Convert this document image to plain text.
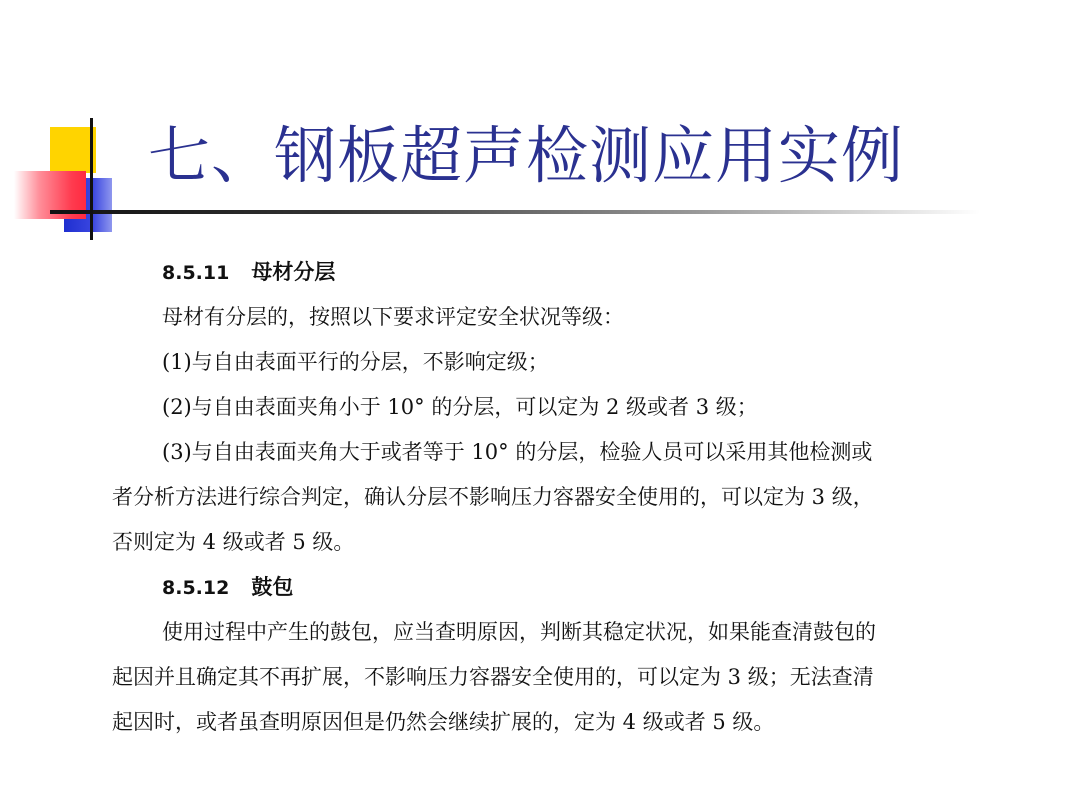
七、钢板超声检测应用实例
8.5.11 母材分层
母材有分层的，按照以下要求评定安全状况等级：
(1)与自由表面平行的分层，不影响定级；
(2)与自由表面夹角小于 10° 的分层，可以定为 2 级或者 3 级；
(3)与自由表面夹角大于或者等于 10° 的分层，检验人员可以采用其他检测或
者分析方法进行综合判定，确认分层不影响压力容器安全使用的，可以定为 3 级，
否则定为 4 级或者 5 级。
8.5.12 鼓包
使用过程中产生的鼓包，应当查明原因，判断其稳定状况，如果能查清鼓包的
起因并且确定其不再扩展，不影响压力容器安全使用的，可以定为 3 级；无法查清
起因时，或者虽查明原因但是仍然会继续扩展的，定为 4 级或者 5 级。
